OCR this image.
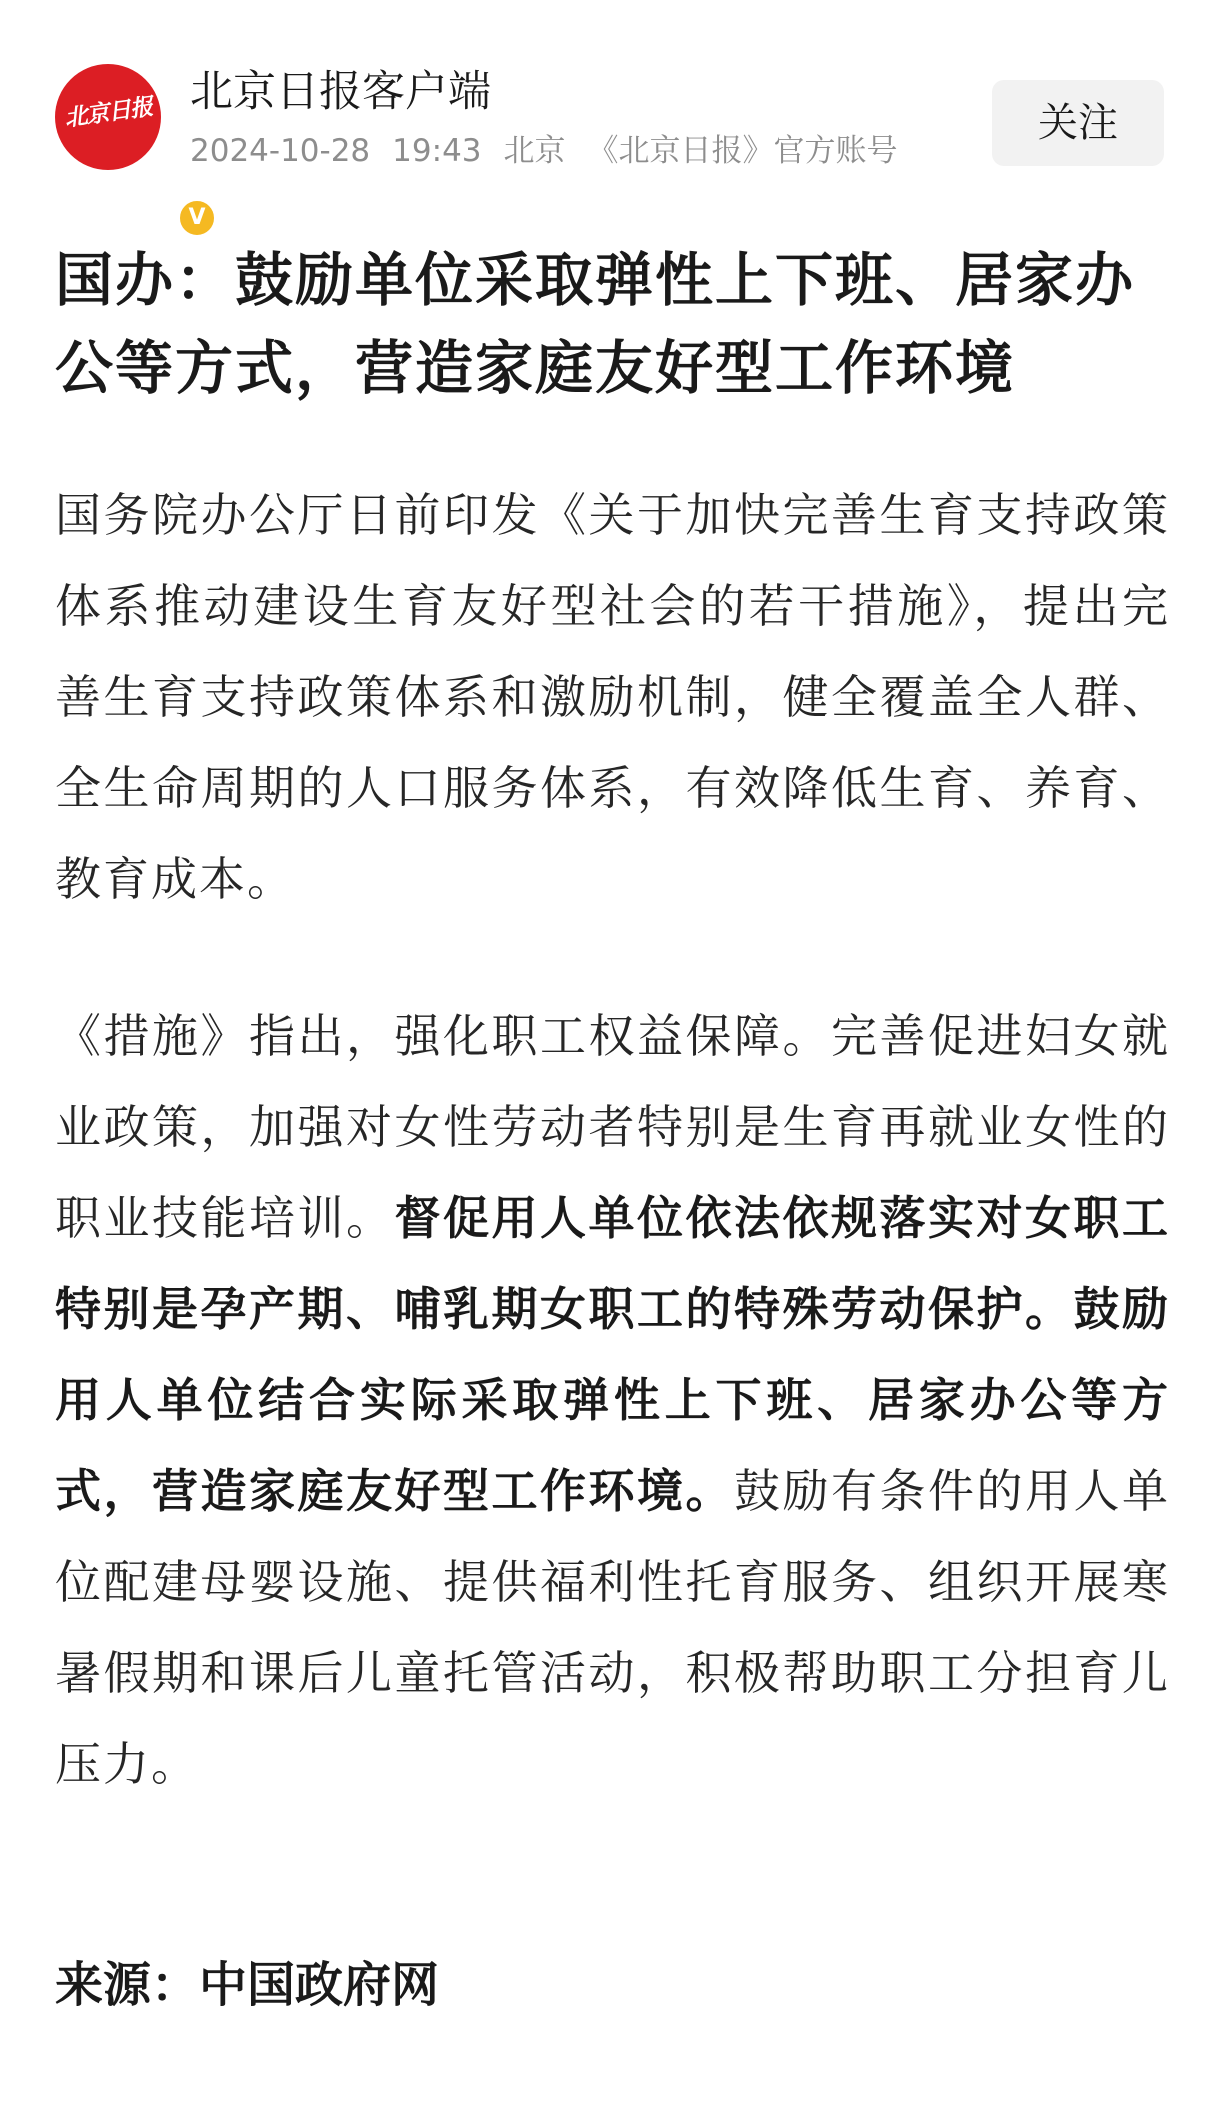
北京日报
V
北京日报客户端
2024-10-28 19:43 北京 《北京日报》官方账号
关注
国办：鼓励单位采取弹性上下班、居家办公等方式，营造家庭友好型工作环境

国务院办公厅日前印发《关于加快完善生育支持政策体系推动建设生育友好型社会的若干措施》，提出完善生育支持政策体系和激励机制，健全覆盖全人群、全生命周期的人口服务体系，有效降低生育、养育、教育成本。

《措施》指出，强化职工权益保障。完善促进妇女就业政策，加强对女性劳动者特别是生育再就业女性的职业技能培训。督促用人单位依法依规落实对女职工特别是孕产期、哺乳期女职工的特殊劳动保护。鼓励用人单位结合实际采取弹性上下班、居家办公等方式，营造家庭友好型工作环境。鼓励有条件的用人单位配建母婴设施、提供福利性托育服务、组织开展寒暑假期和课后儿童托管活动，积极帮助职工分担育儿压力。

来源：中国政府网
